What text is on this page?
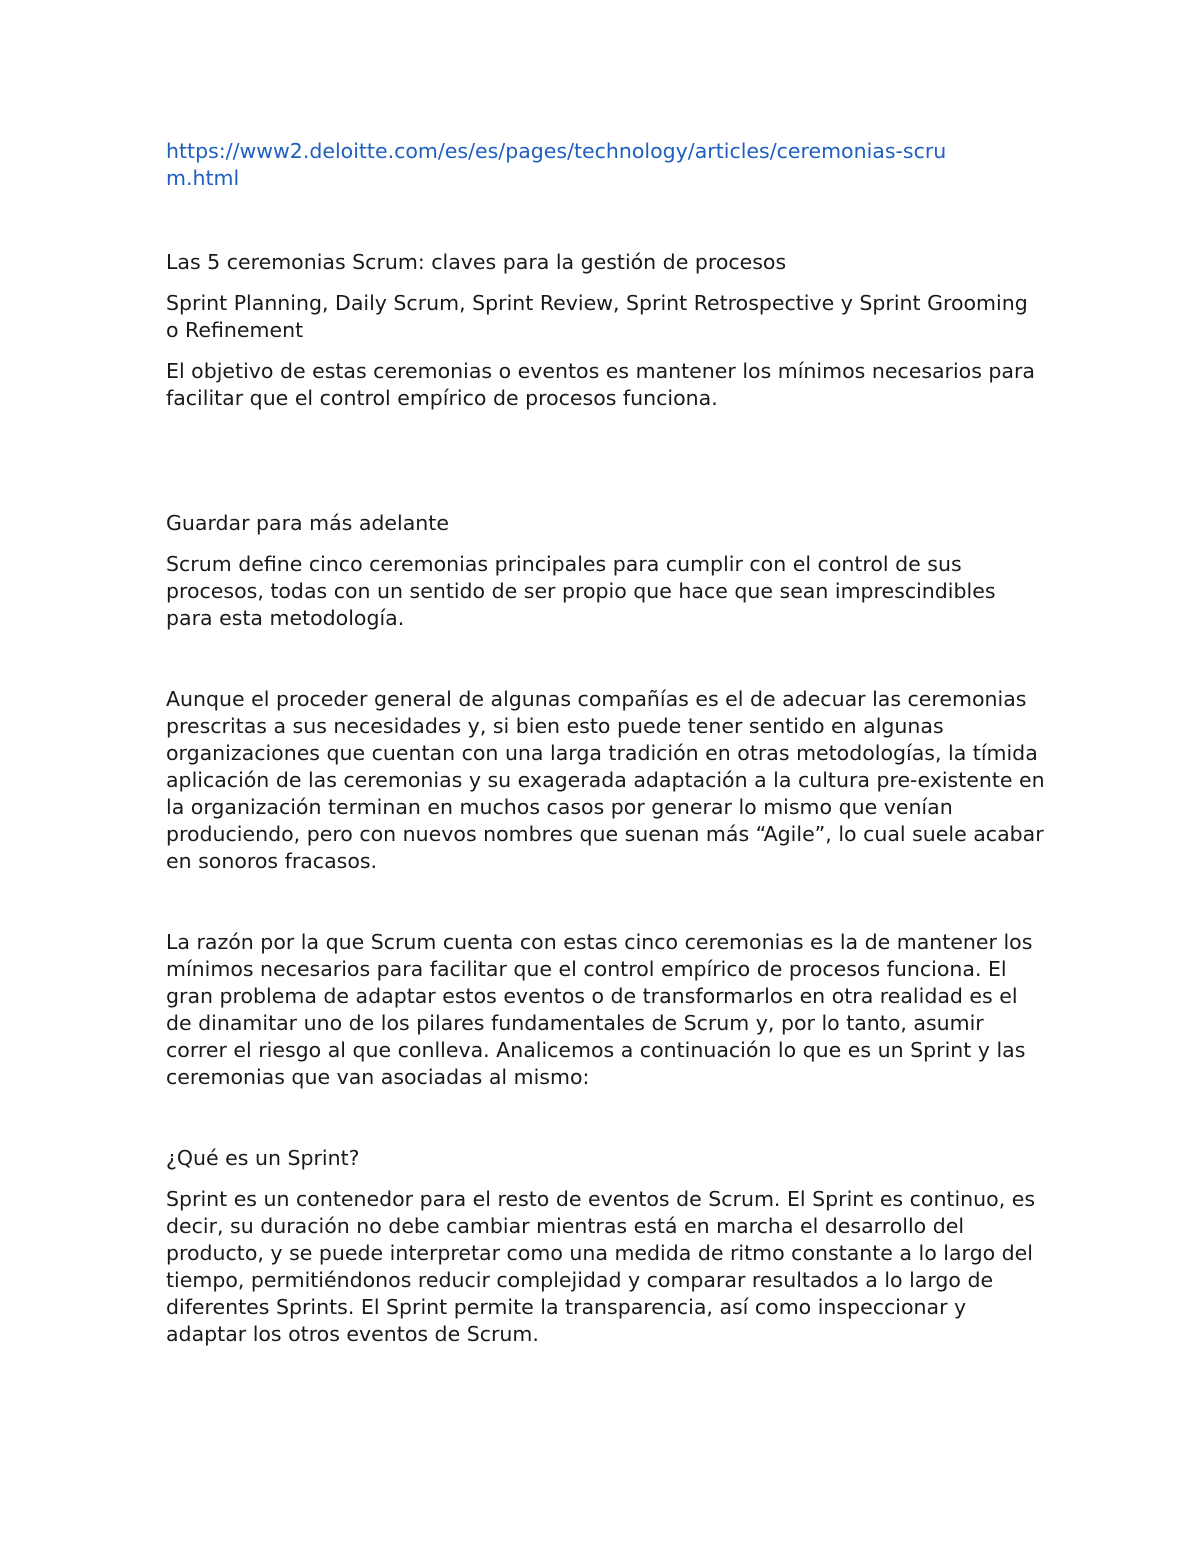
https://www2.deloitte.com/es/es/pages/technology/articles/ceremonias-scrum.html

Las 5 ceremonias Scrum: claves para la gestión de procesos

Sprint Planning, Daily Scrum, Sprint Review, Sprint Retrospective y Sprint Grooming o Refinement

El objetivo de estas ceremonias o eventos es mantener los mínimos necesarios para facilitar que el control empírico de procesos funciona.

Guardar para más adelante

Scrum define cinco ceremonias principales para cumplir con el control de sus procesos, todas con un sentido de ser propio que hace que sean imprescindibles para esta metodología.

Aunque el proceder general de algunas compañías es el de adecuar las ceremonias prescritas a sus necesidades y, si bien esto puede tener sentido en algunas organizaciones que cuentan con una larga tradición en otras metodologías, la tímida aplicación de las ceremonias y su exagerada adaptación a la cultura pre-existente en la organización terminan en muchos casos por generar lo mismo que venían produciendo, pero con nuevos nombres que suenan más “Agile”, lo cual suele acabar en sonoros fracasos.

La razón por la que Scrum cuenta con estas cinco ceremonias es la de mantener los mínimos necesarios para facilitar que el control empírico de procesos funciona. El gran problema de adaptar estos eventos o de transformarlos en otra realidad es el de dinamitar uno de los pilares fundamentales de Scrum y, por lo tanto, asumir correr el riesgo al que conlleva. Analicemos a continuación lo que es un Sprint y las ceremonias que van asociadas al mismo:

¿Qué es un Sprint?

Sprint es un contenedor para el resto de eventos de Scrum. El Sprint es continuo, es decir, su duración no debe cambiar mientras está en marcha el desarrollo del producto, y se puede interpretar como una medida de ritmo constante a lo largo del tiempo, permitiéndonos reducir complejidad y comparar resultados a lo largo de diferentes Sprints. El Sprint permite la transparencia, así como inspeccionar y adaptar los otros eventos de Scrum.
